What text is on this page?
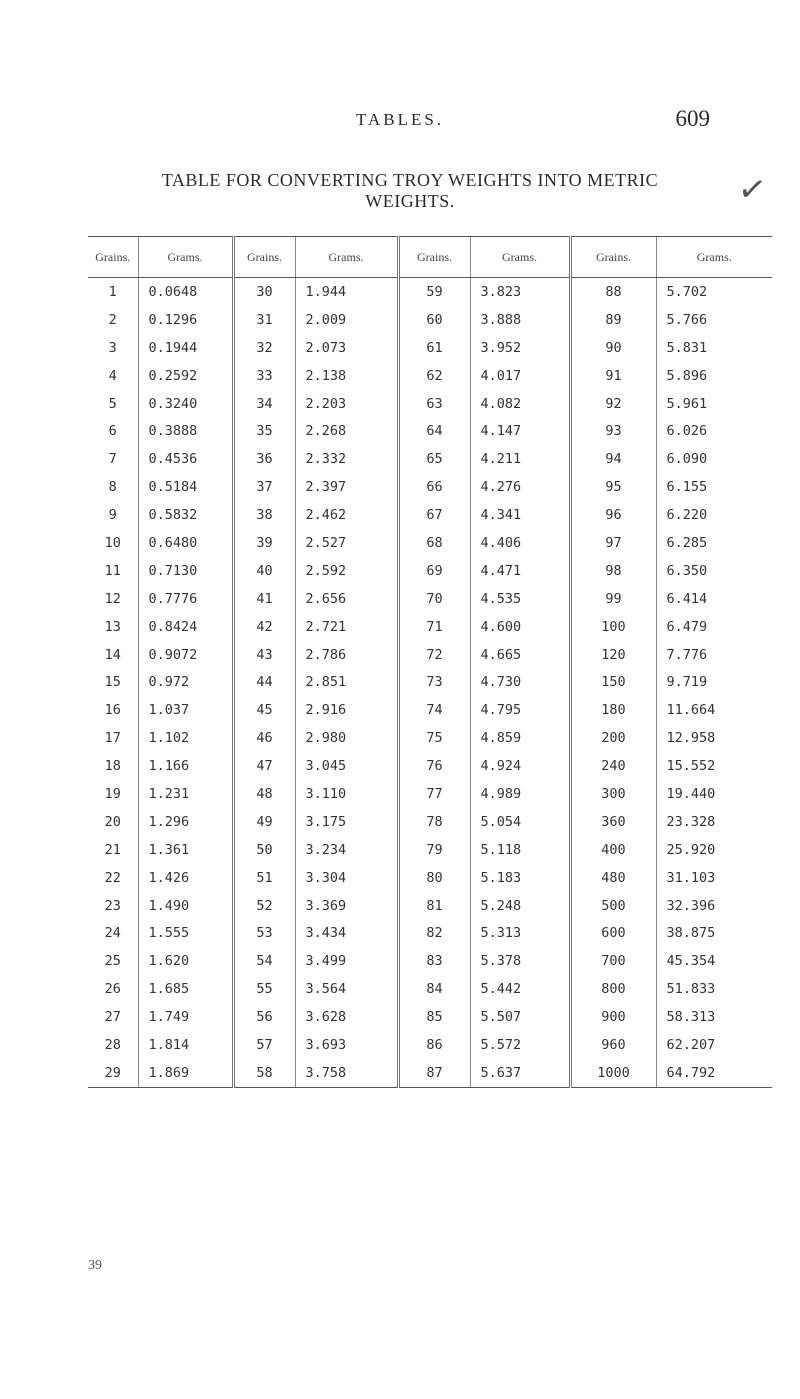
TABLES.	609
TABLE FOR CONVERTING TROY WEIGHTS INTO METRIC
WEIGHTS.	✓
Grains.	Grams.	Grains.	Grams.	Grains.	Grams.	Grains.	Grams.
1	0.0648	30	1.944	59	3.823	88	5.702
2	0.1296	31	2.009	60	3.888	89	5.766
3	0.1944	32	2.073	61	3.952	90	5.831
4	0.2592	33	2.138	62	4.017	91	5.896
5	0.3240	34	2.203	63	4.082	92	5.961
6	0.3888	35	2.268	64	4.147	93	6.026
7	0.4536	36	2.332	65	4.211	94	6.090
8	0.5184	37	2.397	66	4.276	95	6.155
9	0.5832	38	2.462	67	4.341	96	6.220
10	0.6480	39	2.527	68	4.406	97	6.285
11	0.7130	40	2.592	69	4.471	98	6.350
12	0.7776	41	2.656	70	4.535	99	6.414
13	0.8424	42	2.721	71	4.600	100	6.479
14	0.9072	43	2.786	72	4.665	120	7.776
15	0.972	44	2.851	73	4.730	150	9.719
16	1.037	45	2.916	74	4.795	180	11.664
17	1.102	46	2.980	75	4.859	200	12.958
18	1.166	47	3.045	76	4.924	240	15.552
19	1.231	48	3.110	77	4.989	300	19.440
20	1.296	49	3.175	78	5.054	360	23.328
21	1.361	50	3.234	79	5.118	400	25.920
22	1.426	51	3.304	80	5.183	480	31.103
23	1.490	52	3.369	81	5.248	500	32.396
24	1.555	53	3.434	82	5.313	600	38.875
25	1.620	54	3.499	83	5.378	700	45.354
26	1.685	55	3.564	84	5.442	800	51.833
27	1.749	56	3.628	85	5.507	900	58.313
28	1.814	57	3.693	86	5.572	960	62.207
29	1.869	58	3.758	87	5.637	1000	64.792
39
